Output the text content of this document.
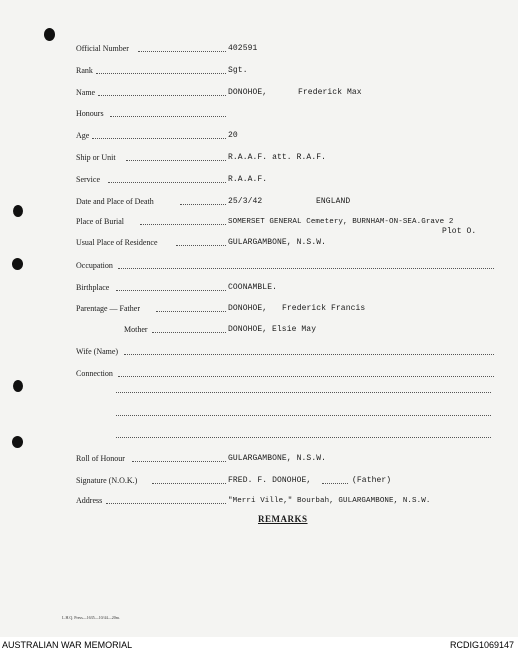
Official Number	402591
Rank	Sgt.
Name	DONOHOE,	Frederick Max
Honours
Age	20
Ship or Unit	R.A.A.F. att. R.A.F.
Service	R.A.A.F.
Date and Place of Death	25/3/42	ENGLAND
Place of Burial	SOMERSET GENERAL Cemetery, BURNHAM-ON-SEA.Grave 2
Plot O.
Usual Place of Residence	GULARGAMBONE, N.S.W.
Occupation
Birthplace	COONAMBLE.
Parentage — Father	DONOHOE, Frederick Francis
Mother	DONOHOE, Elsie May
Wife (Name)
Connection
Roll of Honour	GULARGAMBONE, N.S.W.
Signature (N.O.K.)	FRED. F. DONOHOE,	(Father)
Address	"Merri Ville," Bourbah, GULARGAMBONE, N.S.W.
REMARKS
L.H.Q. Press—1635—10/44—20m.
AUSTRALIAN WAR MEMORIAL	RCDIG1069147
